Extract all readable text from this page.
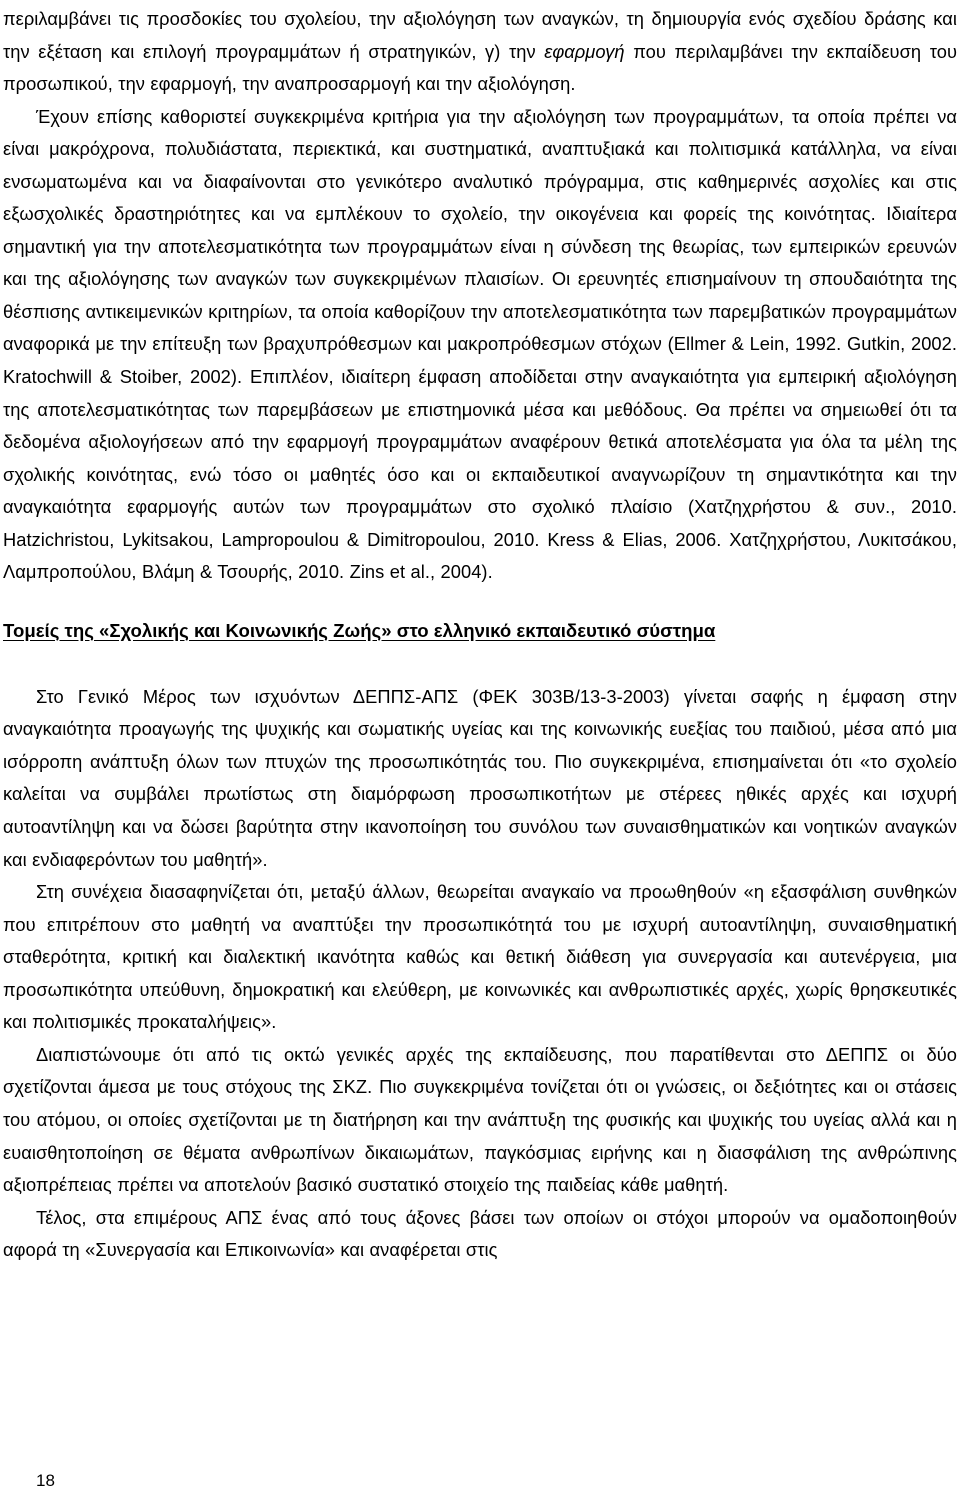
περιλαμβάνει τις προσδοκίες του σχολείου, την αξιολόγηση των αναγκών, τη δημιουργία ενός σχεδίου δράσης και την εξέταση και επιλογή προγραμμάτων ή στρατηγικών, γ) την εφαρμογή που περιλαμβάνει την εκπαίδευση του προσωπικού, την εφαρμογή, την αναπροσαρμογή και την αξιολόγηση.

Έχουν επίσης καθοριστεί συγκεκριμένα κριτήρια για την αξιολόγηση των προγραμμάτων, τα οποία πρέπει να είναι μακρόχρονα, πολυδιάστατα, περιεκτικά, και συστηματικά, αναπτυξιακά και πολιτισμικά κατάλληλα, να είναι ενσωματωμένα και να διαφαίνονται στο γενικότερο αναλυτικό πρόγραμμα, στις καθημερινές ασχολίες και στις εξωσχολικές δραστηριότητες και να εμπλέκουν το σχολείο, την οικογένεια και φορείς της κοινότητας. Ιδιαίτερα σημαντική για την αποτελεσματικότητα των προγραμμάτων είναι η σύνδεση της θεωρίας, των εμπειρικών ερευνών και της αξιολόγησης των αναγκών των συγκεκριμένων πλαισίων. Οι ερευνητές επισημαίνουν τη σπουδαιότητα της θέσπισης αντικειμενικών κριτηρίων, τα οποία καθορίζουν την αποτελεσματικότητα των παρεμβατικών προγραμμάτων αναφορικά με την επίτευξη των βραχυπρόθεσμων και μακροπρόθεσμων στόχων (Ellmer & Lein, 1992. Gutkin, 2002. Kratochwill & Stoiber, 2002). Επιπλέον, ιδιαίτερη έμφαση αποδίδεται στην αναγκαιότητα για εμπειρική αξιολόγηση της αποτελεσματικότητας των παρεμβάσεων με επιστημονικά μέσα και μεθόδους. Θα πρέπει να σημειωθεί ότι τα δεδομένα αξιολογήσεων από την εφαρμογή προγραμμάτων αναφέρουν θετικά αποτελέσματα για όλα τα μέλη της σχολικής κοινότητας, ενώ τόσο οι μαθητές όσο και οι εκπαιδευτικοί αναγνωρίζουν τη σημαντικότητα και την αναγκαιότητα εφαρμογής αυτών των προγραμμάτων στο σχολικό πλαίσιο (Χατζηχρήστου & συν., 2010. Hatzichristou, Lykitsakou, Lampropoulou & Dimitropoulou, 2010. Kress & Elias, 2006. Χατζηχρήστου, Λυκιτσάκου, Λαμπροπούλου, Βλάμη & Τσουρής, 2010. Zins et al., 2004).

Τομείς της «Σχολικής και Κοινωνικής Ζωής» στο ελληνικό εκπαιδευτικό σύστημα

Στο Γενικό Μέρος των ισχυόντων ΔΕΠΠΣ-ΑΠΣ (ΦΕΚ 303Β/13-3-2003) γίνεται σαφής η έμφαση στην αναγκαιότητα προαγωγής της ψυχικής και σωματικής υγείας και της κοινωνικής ευεξίας του παιδιού, μέσα από μια ισόρροπη ανάπτυξη όλων των πτυχών της προσωπικότητάς του. Πιο συγκεκριμένα, επισημαίνεται ότι «το σχολείο καλείται να συμβάλει πρωτίστως στη διαμόρφωση προσωπικοτήτων με στέρεες ηθικές αρχές και ισχυρή αυτοαντίληψη και να δώσει βαρύτητα στην ικανοποίηση του συνόλου των συναισθηματικών και νοητικών αναγκών και ενδιαφερόντων του μαθητή».

Στη συνέχεια διασαφηνίζεται ότι, μεταξύ άλλων, θεωρείται αναγκαίο να προωθηθούν «η εξασφάλιση συνθηκών που επιτρέπουν στο μαθητή να αναπτύξει την προσωπικότητά του με ισχυρή αυτοαντίληψη, συναισθηματική σταθερότητα, κριτική και διαλεκτική ικανότητα καθώς και θετική διάθεση για συνεργασία και αυτενέργεια, μια προσωπικότητα υπεύθυνη, δημοκρατική και ελεύθερη, με κοινωνικές και ανθρωπιστικές αρχές, χωρίς θρησκευτικές και πολιτισμικές προκαταλήψεις».

Διαπιστώνουμε ότι από τις οκτώ γενικές αρχές της εκπαίδευσης, που παρατίθενται στο ΔΕΠΠΣ οι δύο σχετίζονται άμεσα με τους στόχους της ΣΚΖ. Πιο συγκεκριμένα τονίζεται ότι οι γνώσεις, οι δεξιότητες και οι στάσεις του ατόμου, οι οποίες σχετίζονται με τη διατήρηση και την ανάπτυξη της φυσικής και ψυχικής του υγείας αλλά και η ευαισθητοποίηση σε θέματα ανθρωπίνων δικαιωμάτων, παγκόσμιας ειρήνης και η διασφάλιση της ανθρώπινης αξιοπρέπειας πρέπει να αποτελούν βασικό συστατικό στοιχείο της παιδείας κάθε μαθητή.

Τέλος, στα επιμέρους ΑΠΣ ένας από τους άξονες βάσει των οποίων οι στόχοι μπορούν να ομαδοποιηθούν αφορά τη «Συνεργασία και Επικοινωνία» και αναφέρεται στις

18
